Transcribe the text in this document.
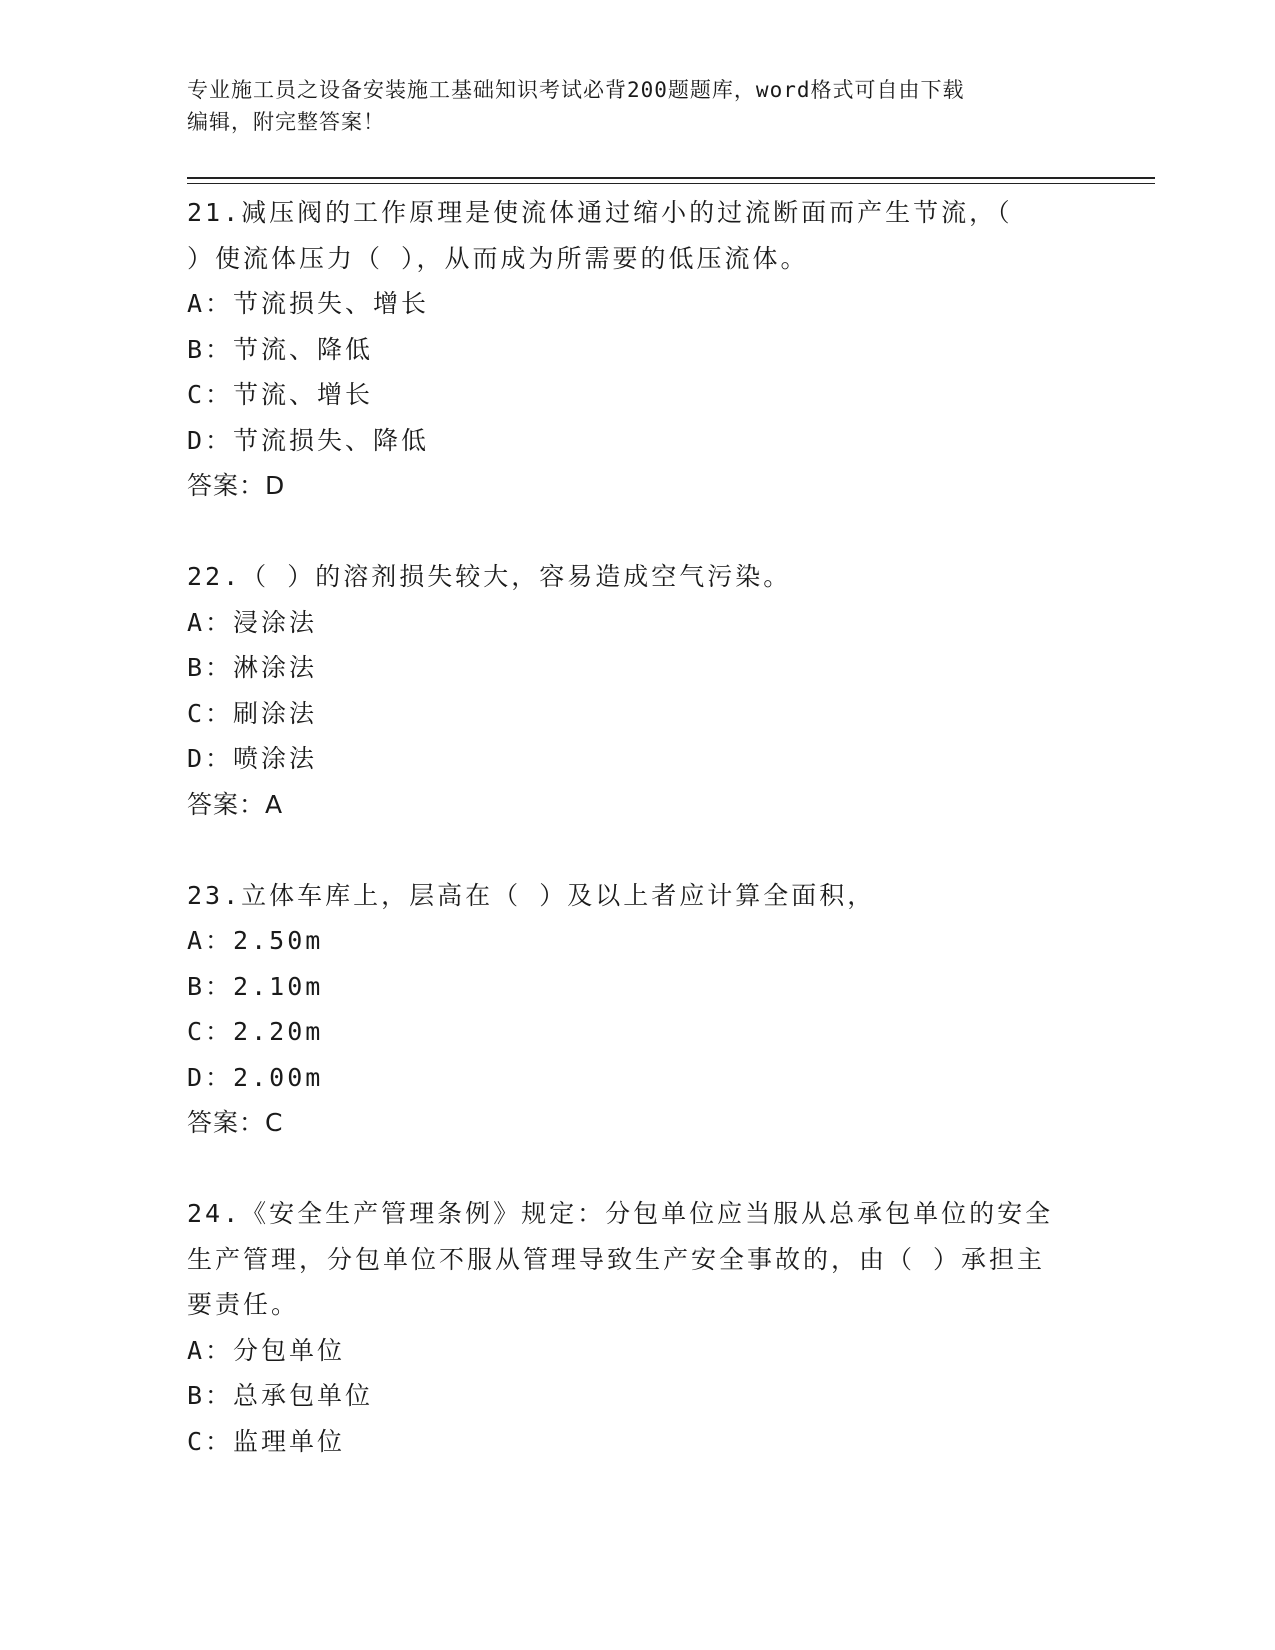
专业施工员之设备安装施工基础知识考试必背200题题库，word格式可自由下载
编辑，附完整答案！
21.减压阀的工作原理是使流体通过缩小的过流断面而产生节流，（
）使流体压力（ ），从而成为所需要的低压流体。
A：节流损失、增长
B：节流、降低
C：节流、增长
D：节流损失、降低
答案：D
22.（ ）的溶剂损失较大，容易造成空气污染。
A：浸涂法
B：淋涂法
C：刷涂法
D：喷涂法
答案：A
23.立体车库上，层高在（ ）及以上者应计算全面积，
A：2.50m
B：2.10m
C：2.20m
D：2.00m
答案：C
24.《安全生产管理条例》规定：分包单位应当服从总承包单位的安全
生产管理，分包单位不服从管理导致生产安全事故的，由（ ）承担主
要责任。
A：分包单位
B：总承包单位
C：监理单位
